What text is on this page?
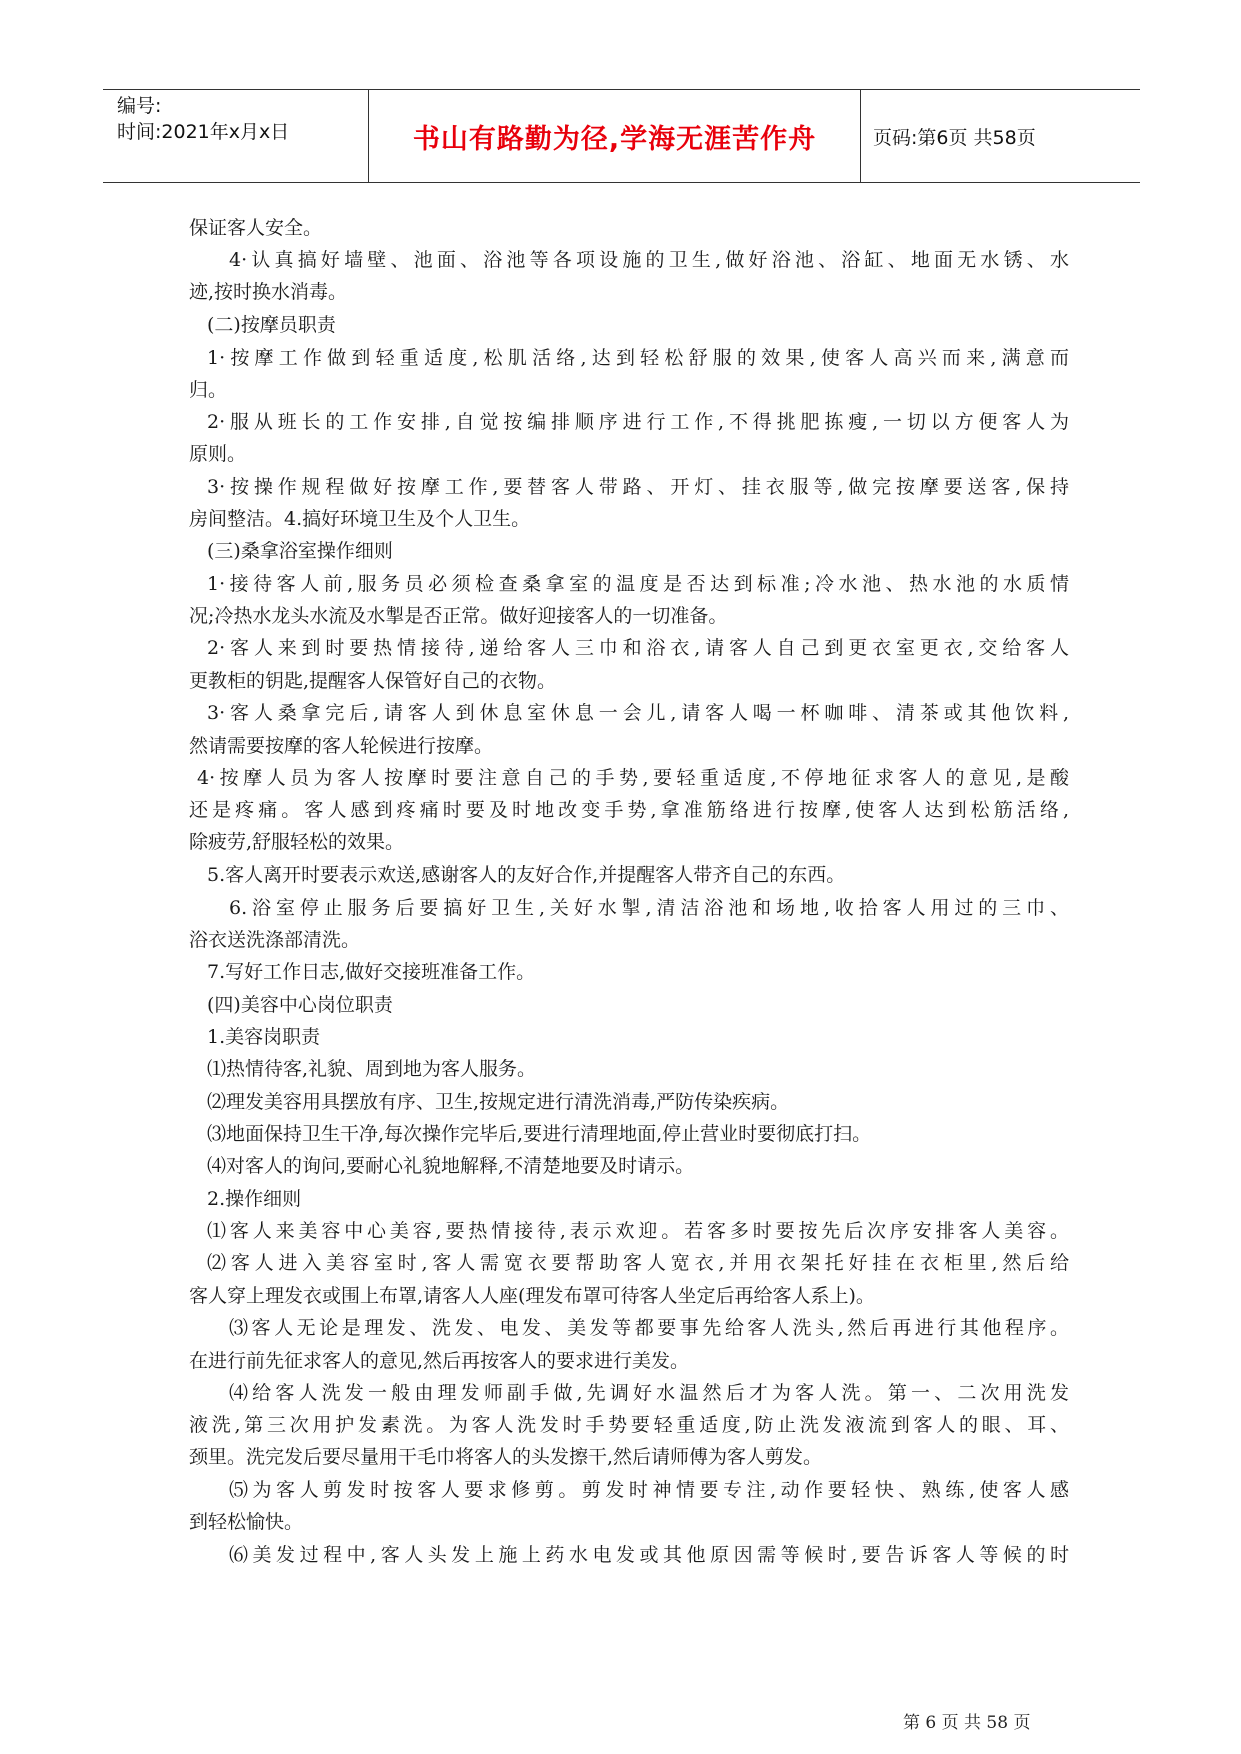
编号:
时间:2021年x月x日	书山有路勤为径,学海无涯苦作舟	页码:第6页 共58页
保证客人安全。
4·认真搞好墙壁、池面、浴池等各项设施的卫生,做好浴池、浴缸、地面无水锈、水
迹,按时换水消毒。
(二)按摩员职责
1·按摩工作做到轻重适度,松肌活络,达到轻松舒服的效果,使客人高兴而来,满意而
归。
2·服从班长的工作安排,自觉按编排顺序进行工作,不得挑肥拣瘦,一切以方便客人为
原则。
3·按操作规程做好按摩工作,要替客人带路、开灯、挂衣服等,做完按摩要送客,保持
房间整洁。4.搞好环境卫生及个人卫生。
(三)桑拿浴室操作细则
1·接待客人前,服务员必须检查桑拿室的温度是否达到标准;冷水池、热水池的水质情
况;冷热水龙头水流及水掣是否正常。做好迎接客人的一切准备。
2·客人来到时要热情接待,递给客人三巾和浴衣,请客人自己到更衣室更衣,交给客人
更教柜的钥匙,提醒客人保管好自己的衣物。
3·客人桑拿完后,请客人到休息室休息一会儿,请客人喝一杯咖啡、清茶或其他饮料,
然请需要按摩的客人轮候进行按摩。
4·按摩人员为客人按摩时要注意自己的手势,要轻重适度,不停地征求客人的意见,是酸
还是疼痛。客人感到疼痛时要及时地改变手势,拿准筋络进行按摩,使客人达到松筋活络,
除疲劳,舒服轻松的效果。
5.客人离开时要表示欢送,感谢客人的友好合作,并提醒客人带齐自己的东西。
6.浴室停止服务后要搞好卫生,关好水掣,清洁浴池和场地,收拾客人用过的三巾、
浴衣送洗涤部清洗。
7.写好工作日志,做好交接班准备工作。
(四)美容中心岗位职责
1.美容岗职责
⑴热情待客,礼貌、周到地为客人服务。
⑵理发美容用具摆放有序、卫生,按规定进行清洗消毒,严防传染疾病。
⑶地面保持卫生干净,每次操作完毕后,要进行清理地面,停止营业时要彻底打扫。
⑷对客人的询问,要耐心礼貌地解释,不清楚地要及时请示。
2.操作细则
⑴客人来美容中心美容,要热情接待,表示欢迎。若客多时要按先后次序安排客人美容。
⑵客人进入美容室时,客人需宽衣要帮助客人宽衣,并用衣架托好挂在衣柜里,然后给
客人穿上理发衣或围上布罩,请客人人座(理发布罩可待客人坐定后再给客人系上)。
⑶客人无论是理发、洗发、电发、美发等都要事先给客人洗头,然后再进行其他程序。
在进行前先征求客人的意见,然后再按客人的要求进行美发。
⑷给客人洗发一般由理发师副手做,先调好水温然后才为客人洗。第一、二次用洗发
液洗,第三次用护发素洗。为客人洗发时手势要轻重适度,防止洗发液流到客人的眼、耳、
颈里。洗完发后要尽量用干毛巾将客人的头发擦干,然后请师傅为客人剪发。
⑸为客人剪发时按客人要求修剪。剪发时神情要专注,动作要轻快、熟练,使客人感
到轻松愉快。
⑹美发过程中,客人头发上施上药水电发或其他原因需等候时,要告诉客人等候的时
第 6 页 共 58 页
